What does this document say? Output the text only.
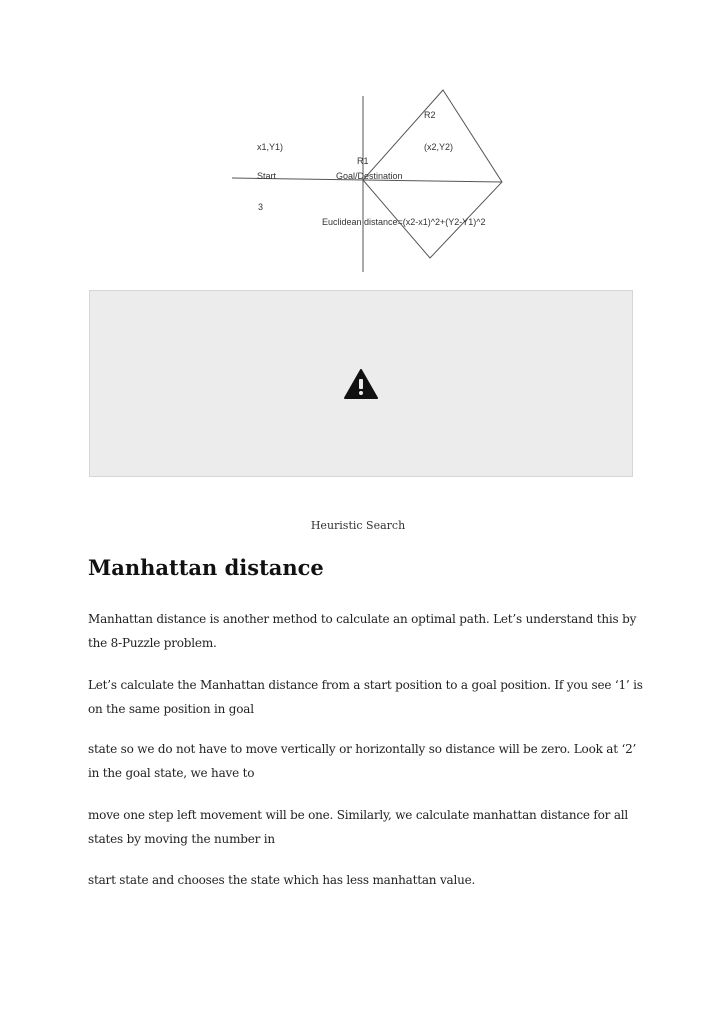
x1,Y1)
Start
3
R1
Goal/Destination
R2
(x2,Y2)
Euclidean distance=(x2-x1)^2+(Y2-Y1)^2
Heuristic Search
Manhattan distance

Manhattan distance is another method to calculate an optimal path. Let’s understand this by the 8-Puzzle problem.

Let’s calculate the Manhattan distance from a start position to a goal position. If you see ‘1’ is on the same position in goal

state so we do not have to move vertically or horizontally so distance will be zero. Look at ‘2’ in the goal state, we have to

move one step left movement will be one. Similarly, we calculate manhattan distance for all states by moving the number in

start state and chooses the state which has less manhattan value.
